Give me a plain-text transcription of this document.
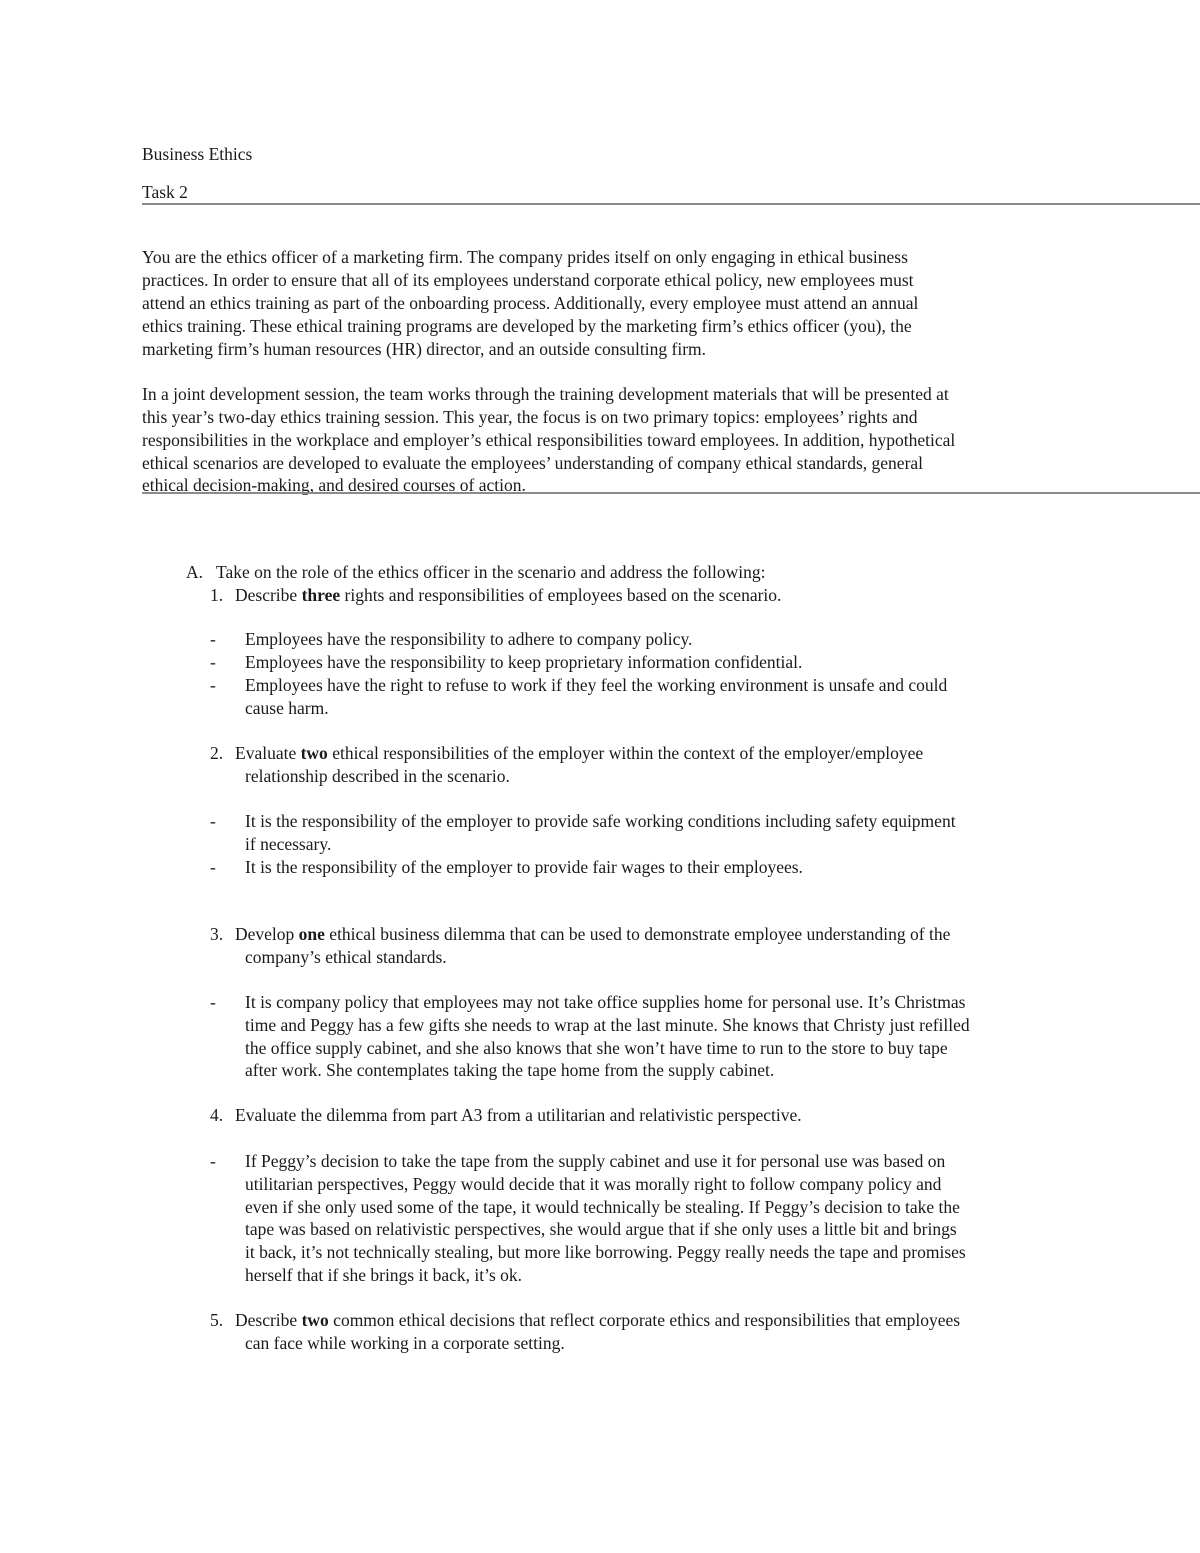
Business Ethics
Task 2
You are the ethics officer of a marketing firm. The company prides itself on only engaging in ethical business
practices. In order to ensure that all of its employees understand corporate ethical policy, new employees must
attend an ethics training as part of the onboarding process. Additionally, every employee must attend an annual
ethics training. These ethical training programs are developed by the marketing firm’s ethics officer (you), the
marketing firm’s human resources (HR) director, and an outside consulting firm.
In a joint development session, the team works through the training development materials that will be presented at
this year’s two-day ethics training session. This year, the focus is on two primary topics: employees’ rights and
responsibilities in the workplace and employer’s ethical responsibilities toward employees. In addition, hypothetical
ethical scenarios are developed to evaluate the employees’ understanding of company ethical standards, general
ethical decision-making, and desired courses of action.
A. Take on the role of the ethics officer in the scenario and address the following:
1. Describe three rights and responsibilities of employees based on the scenario.
- Employees have the responsibility to adhere to company policy.
- Employees have the responsibility to keep proprietary information confidential.
- Employees have the right to refuse to work if they feel the working environment is unsafe and could
cause harm.
2. Evaluate two ethical responsibilities of the employer within the context of the employer/employee
relationship described in the scenario.
- It is the responsibility of the employer to provide safe working conditions including safety equipment
if necessary.
- It is the responsibility of the employer to provide fair wages to their employees.
3. Develop one ethical business dilemma that can be used to demonstrate employee understanding of the
company’s ethical standards.
- It is company policy that employees may not take office supplies home for personal use. It’s Christmas
time and Peggy has a few gifts she needs to wrap at the last minute. She knows that Christy just refilled
the office supply cabinet, and she also knows that she won’t have time to run to the store to buy tape
after work. She contemplates taking the tape home from the supply cabinet.
4. Evaluate the dilemma from part A3 from a utilitarian and relativistic perspective.
- If Peggy’s decision to take the tape from the supply cabinet and use it for personal use was based on
utilitarian perspectives, Peggy would decide that it was morally right to follow company policy and
even if she only used some of the tape, it would technically be stealing. If Peggy’s decision to take the
tape was based on relativistic perspectives, she would argue that if she only uses a little bit and brings
it back, it’s not technically stealing, but more like borrowing. Peggy really needs the tape and promises
herself that if she brings it back, it’s ok.
5. Describe two common ethical decisions that reflect corporate ethics and responsibilities that employees
can face while working in a corporate setting.
